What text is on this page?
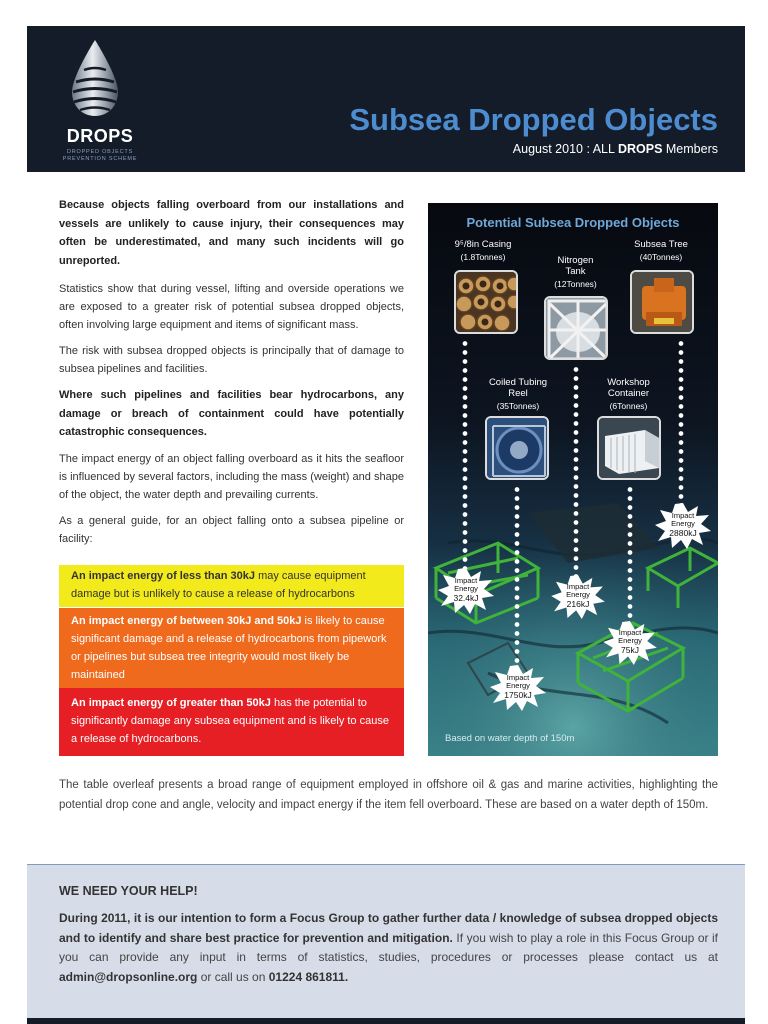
DROPS
DROPPED OBJECTS
PREVENTION SCHEME
Subsea Dropped Objects
August 2010 : ALL DROPS Members

Because objects falling overboard from our installations and vessels are unlikely to cause injury, their consequences may often be underestimated, and many such incidents will go unreported.

Statistics show that during vessel, lifting and overside operations we are exposed to a greater risk of potential subsea dropped objects, often involving large equipment and items of significant mass.

The risk with subsea dropped objects is principally that of damage to subsea pipelines and facilities.

Where such pipelines and facilities bear hydrocarbons, any damage or breach of containment could have potentially catastrophic consequences.

The impact energy of an object falling overboard as it hits the seafloor is influenced by several factors, including the mass (weight) and shape of the object, the water depth and prevailing currents.

As a general guide, for an object falling onto a subsea pipeline or facility:

An impact energy of less than 30kJ may cause equipment damage but is unlikely to cause a release of hydrocarbons
An impact energy of between 30kJ and 50kJ is likely to cause significant damage and a release of hydrocarbons from pipework or pipelines but subsea tree integrity would most likely be maintained
An impact energy of greater than 50kJ has the potential to significantly damage any subsea equipment and is likely to cause a release of hydrocarbons.
Potential Subsea Dropped Objects
9⁵/8in Casing
(1.8Tonnes)	Nitrogen
Tank
(12Tonnes)
Subsea Tree
(40Tonnes)
Coiled Tubing
Reel
(35Tonnes)
Workshop
Container
(6Tonnes)
Impact
Energy
32.4kJ
Impact
Energy
216kJ
Impact
Energy
1750kJ
Impact
Energy
75kJ
Impact
Energy
2880kJ
Based on water depth of 150m
The table overleaf presents a broad range of equipment employed in offshore oil & gas and marine activities, highlighting the potential drop cone and angle, velocity and impact energy if the item fell overboard. These are based on a water depth of 150m.
WE NEED YOUR HELP!
During 2011, it is our intention to form a Focus Group to gather further data / knowledge of subsea dropped objects and to identify and share best practice for prevention and mitigation. If you wish to play a role in this Focus Group or if you can provide any input in terms of statistics, studies, procedures or processes please contact us at admin@dropsonline.org or call us on 01224 861811.
